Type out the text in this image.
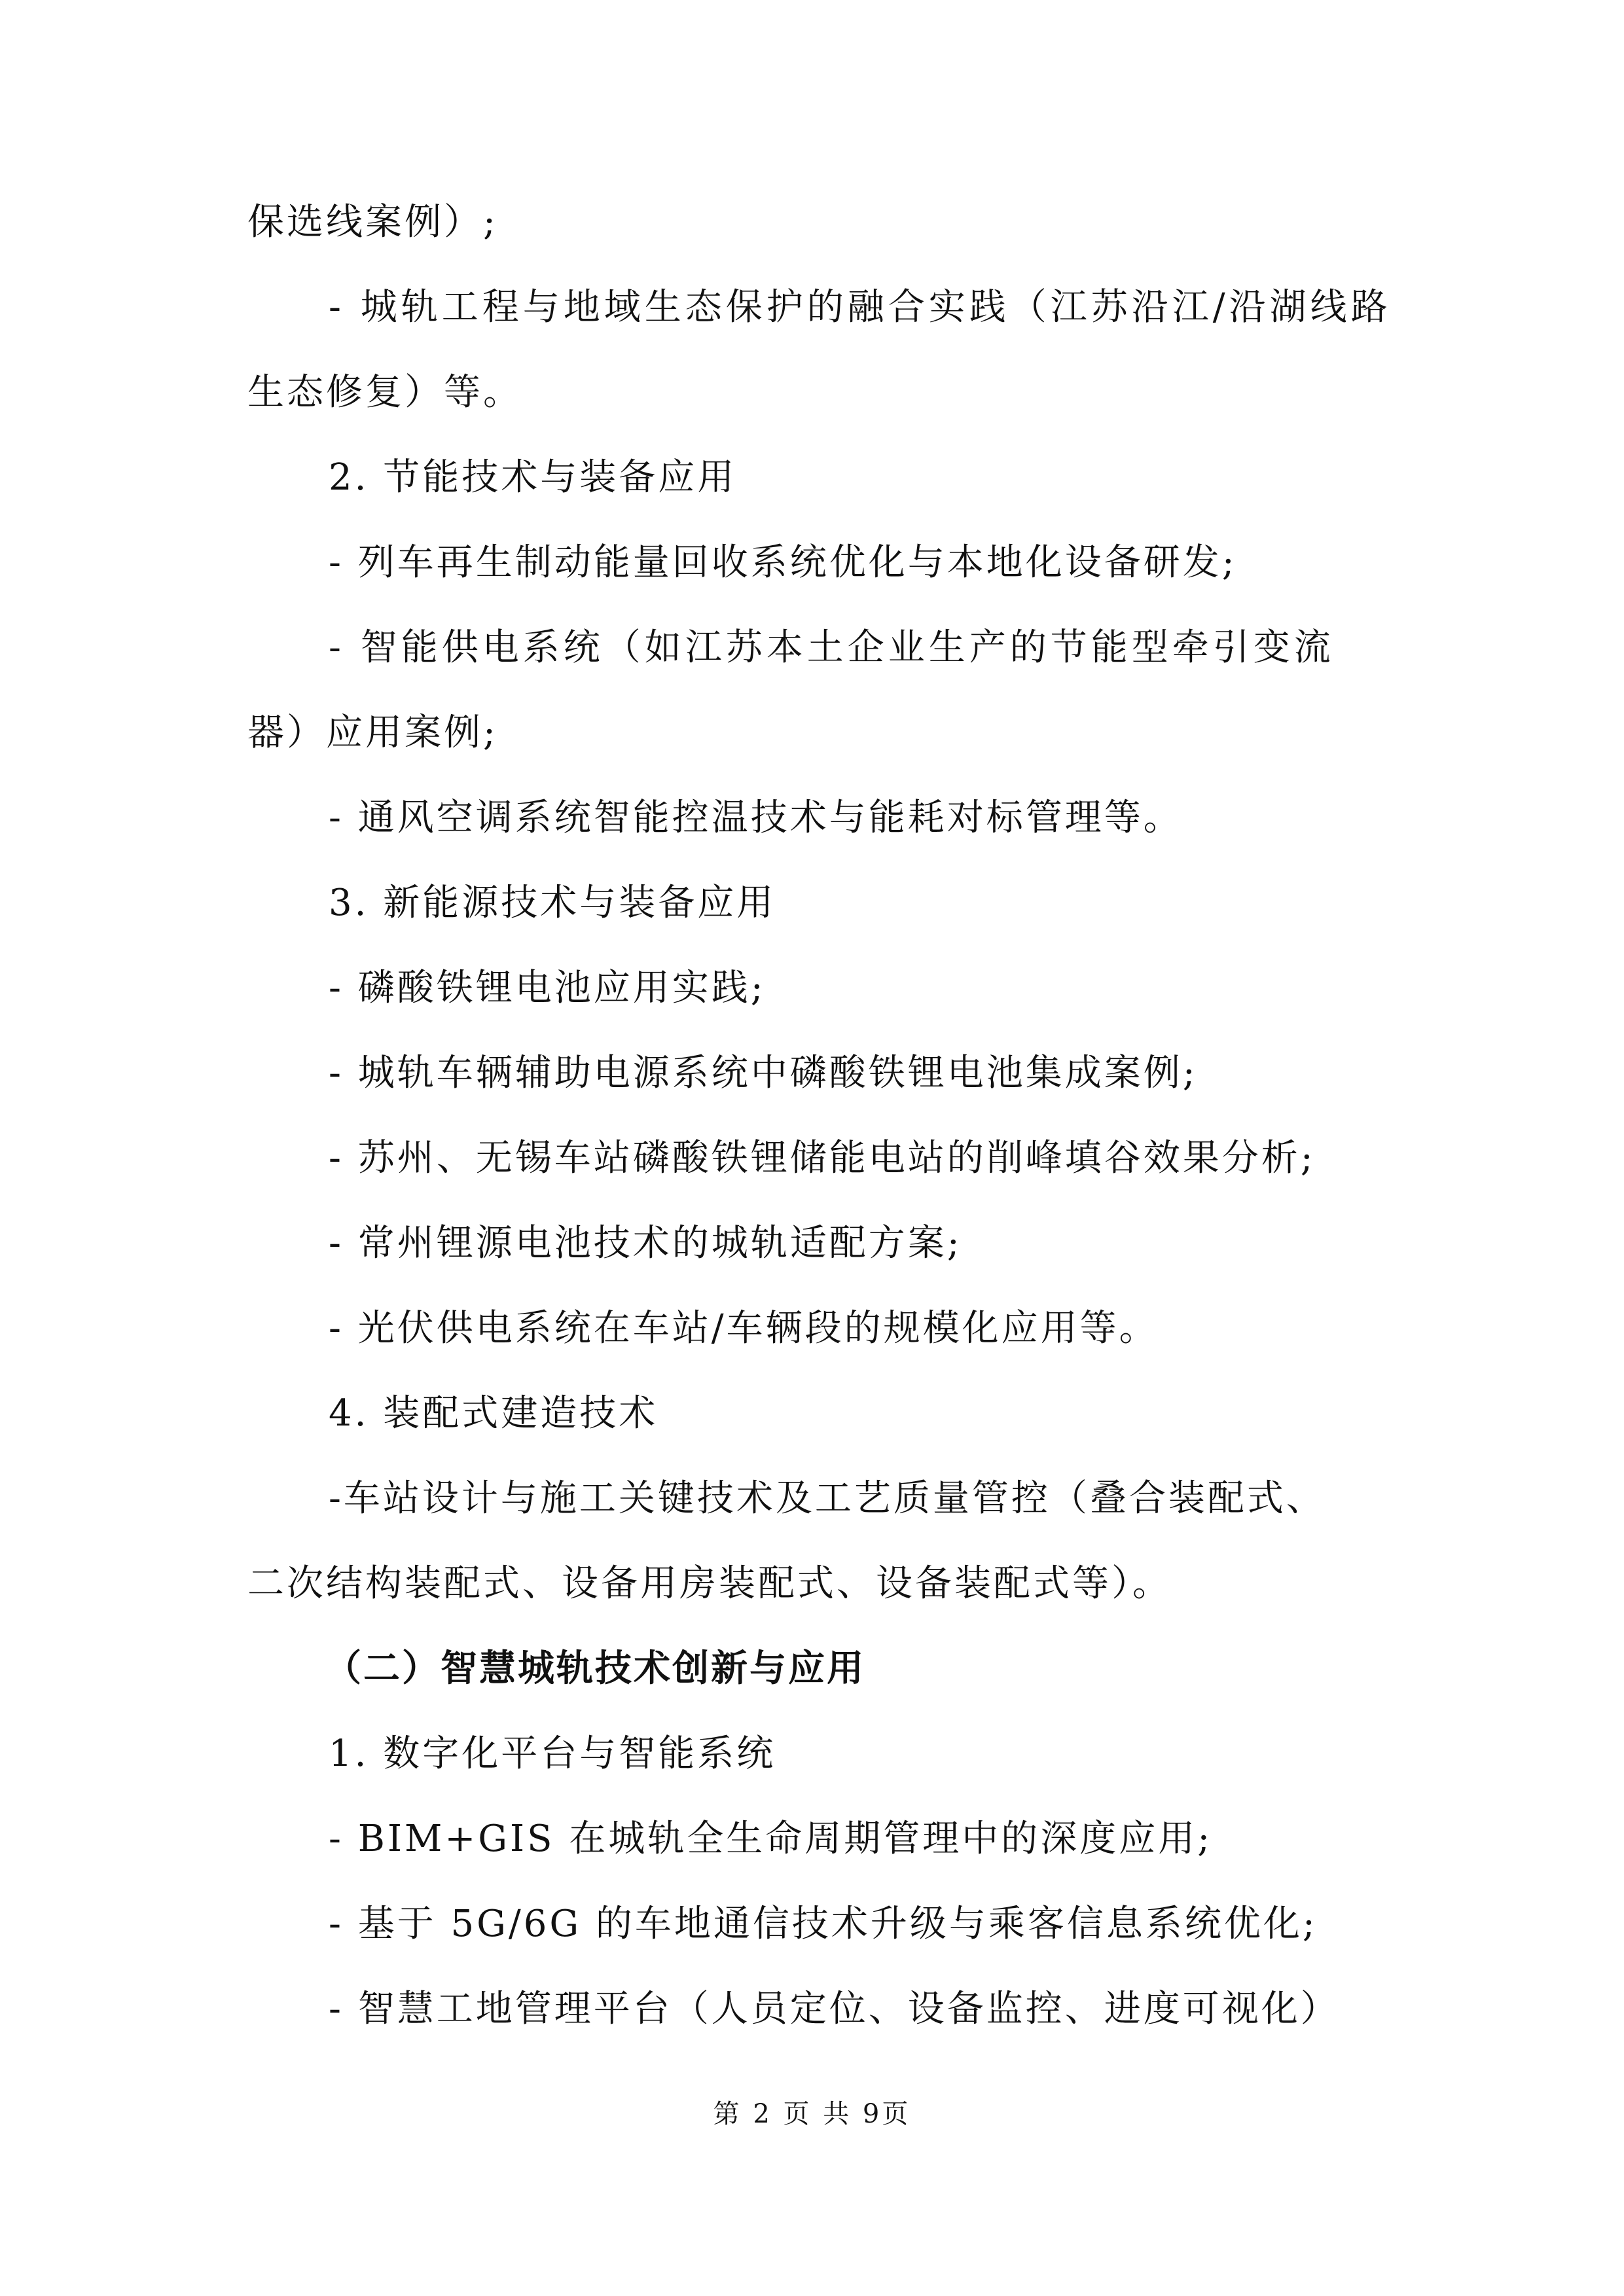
保选线案例）;
- 城轨工程与地域生态保护的融合实践（江苏沿江/沿湖线路
生态修复）等。
2. 节能技术与装备应用
- 列车再生制动能量回收系统优化与本地化设备研发;
- 智能供电系统（如江苏本土企业生产的节能型牵引变流
器）应用案例;
- 通风空调系统智能控温技术与能耗对标管理等。
3. 新能源技术与装备应用
- 磷酸铁锂电池应用实践;
- 城轨车辆辅助电源系统中磷酸铁锂电池集成案例;
- 苏州、无锡车站磷酸铁锂储能电站的削峰填谷效果分析;
- 常州锂源电池技术的城轨适配方案;
- 光伏供电系统在车站/车辆段的规模化应用等。
4. 装配式建造技术
-车站设计与施工关键技术及工艺质量管控（叠合装配式、
二次结构装配式、设备用房装配式、设备装配式等）。
（二）智慧城轨技术创新与应用
1. 数字化平台与智能系统
- BIM+GIS 在城轨全生命周期管理中的深度应用;
- 基于 5G/6G 的车地通信技术升级与乘客信息系统优化;
- 智慧工地管理平台（人员定位、设备监控、进度可视化）
第 2 页 共 9页
